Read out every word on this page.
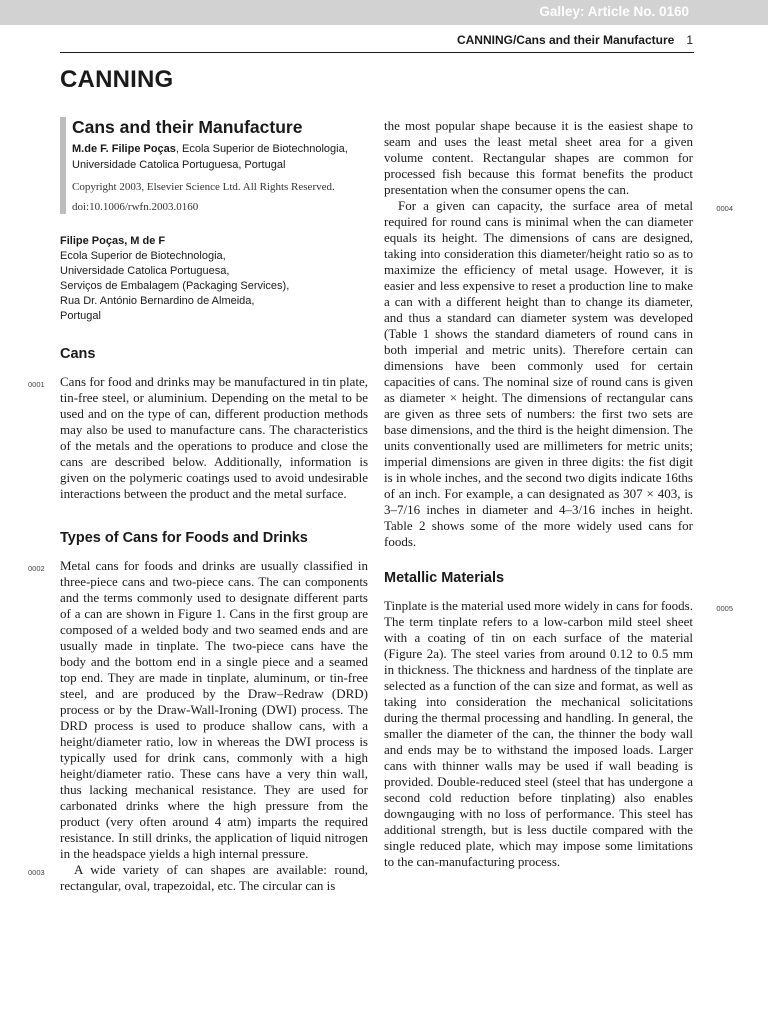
Galley: Article No. 0160
CANNING/Cans and their Manufacture 1
CANNING
Cans and their Manufacture
M.de F. Filipe Poças, Ecola Superior de Biotechnologia, Universidade Catolica Portuguesa, Portugal

Copyright 2003, Elsevier Science Ltd. All Rights Reserved.

doi:10.1006/rwfn.2003.0160

Filipe Poças, M de F
Ecola Superior de Biotechnologia,
Universidade Catolica Portuguesa,
Serviços de Embalagem (Packaging Services),
Rua Dr. António Bernardino de Almeida,
Portugal
Cans
0001 Cans for food and drinks may be manufactured in tin plate, tin-free steel, or aluminium. Depending on the metal to be used and on the type of can, different production methods may also be used to manufacture cans. The characteristics of the metals and the operations to produce and close the cans are described below. Additionally, information is given on the polymeric coatings used to avoid undesirable interactions between the product and the metal surface.
Types of Cans for Foods and Drinks
0002 Metal cans for foods and drinks are usually classified in three-piece cans and two-piece cans. The can components and the terms commonly used to designate different parts of a can are shown in Figure 1. Cans in the first group are composed of a welded body and two seamed ends and are usually made in tinplate. The two-piece cans have the body and the bottom end in a single piece and a seamed top end. They are made in tinplate, aluminum, or tin-free steel, and are produced by the Draw–Redraw (DRD) process or by the Draw-Wall-Ironing (DWI) process. The DRD process is used to produce shallow cans, with a height/diameter ratio, low in whereas the DWI process is typically used for drink cans, commonly with a high height/diameter ratio. These cans have a very thin wall, thus lacking mechanical resistance. They are used for carbonated drinks where the high pressure from the product (very often around 4 atm) imparts the required resistance. In still drinks, the application of liquid nitrogen in the headspace yields a high internal pressure.
0003 A wide variety of can shapes are available: round, rectangular, oval, trapezoidal, etc. The circular can is
the most popular shape because it is the easiest shape to seam and uses the least metal sheet area for a given volume content. Rectangular shapes are common for processed fish because this format benefits the product presentation when the consumer opens the can.
0004
For a given can capacity, the surface area of metal required for round cans is minimal when the can diameter equals its height. The dimensions of cans are designed, taking into consideration this diameter/height ratio so as to maximize the efficiency of metal usage. However, it is easier and less expensive to reset a production line to make a can with a different height than to change its diameter, and thus a standard can diameter system was developed (Table 1 shows the standard diameters of round cans in both imperial and metric units). Therefore certain can dimensions have been commonly used for certain capacities of cans. The nominal size of round cans is given as diameter × height. The dimensions of rectangular cans are given as three sets of numbers: the first two sets are base dimensions, and the third is the height dimension. The units conventionally used are millimeters for metric units; imperial dimensions are given in three digits: the fist digit is in whole inches, and the second two digits indicate 16ths of an inch. For example, a can designated as 307 × 403, is 3–7/16 inches in diameter and 4–3/16 inches in height. Table 2 shows some of the more widely used cans for foods.
Metallic Materials
0005
Tinplate is the material used more widely in cans for foods. The term tinplate refers to a low-carbon mild steel sheet with a coating of tin on each surface of the material (Figure 2a). The steel varies from around 0.12 to 0.5 mm in thickness. The thickness and hardness of the tinplate are selected as a function of the can size and format, as well as taking into consideration the mechanical solicitations during the thermal processing and handling. In general, the smaller the diameter of the can, the thinner the body wall and ends may be to withstand the imposed loads. Larger cans with thinner walls may be used if wall beading is provided. Double-reduced steel (steel that has undergone a second cold reduction before tinplating) also enables downgauging with no loss of performance. This steel has additional strength, but is less ductile compared with the single reduced plate, which may impose some limitations to the can-manufacturing process.
